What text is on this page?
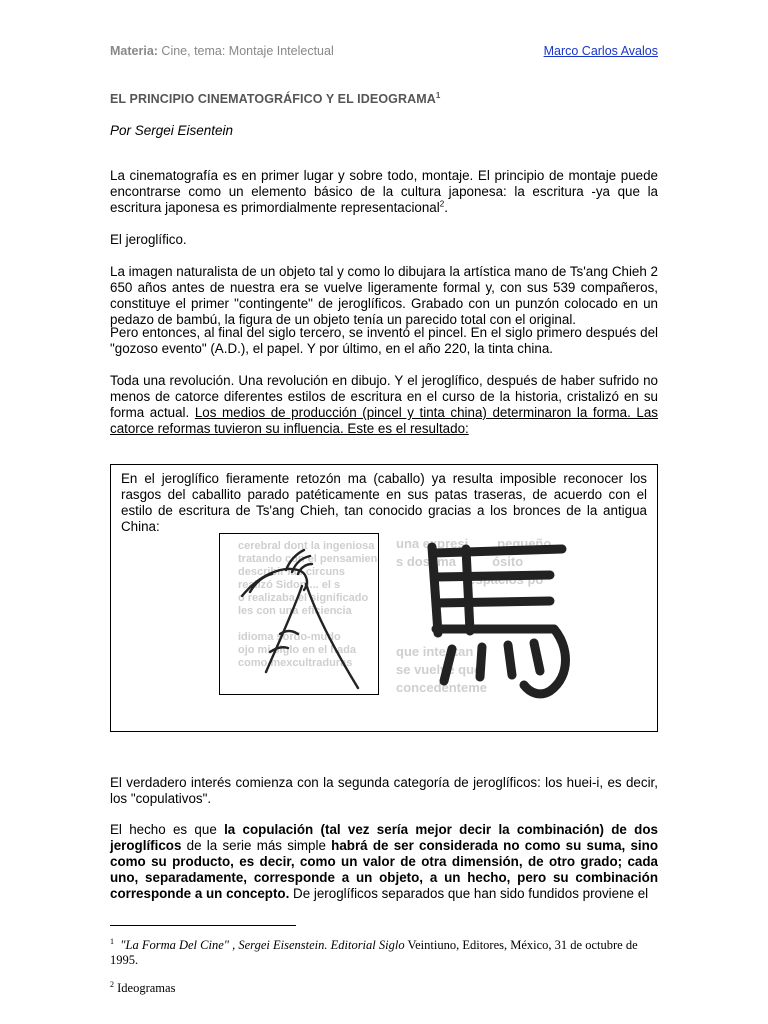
Materia: Cine, tema: Montaje Intelectual	Marco Carlos Avalos
EL PRINCIPIO CINEMATOGRÁFICO Y EL IDEOGRAMA$^1$
Por Sergei Eisentein
La cinematografía es en primer lugar y sobre todo, montaje. El principio de montaje puede encontrarse como un elemento básico de la cultura japonesa: la escritura -ya que la escritura japonesa es primordialmente representacional$^2$.
El jeroglífico.
La imagen naturalista de un objeto tal y como lo dibujara la artística mano de Ts'ang Chieh 2 650 años antes de nuestra era se vuelve ligeramente formal y, con sus 539 compañeros, constituye el primer "contingente" de jeroglíficos. Grabado con un punzón colocado en un pedazo de bambú, la figura de un objeto tenía un parecido total con el original.
Pero entonces, al final del siglo tercero, se inventó el pincel. En el siglo primero después del "gozoso evento" (A.D.), el papel. Y por último, en el año 220, la tinta china.
Toda una revolución. Una revolución en dibujo. Y el jeroglífico, después de haber sufrido no menos de catorce diferentes estilos de escritura en el curso de la historia, cristalizó en su forma actual. Los medios de producción (pincel y tinta china) determinaron la forma. Las catorce reformas tuvieron su influencia. Este es el resultado:
En el jeroglífico fieramente retozón ma (caballo) ya resulta imposible reconocer los rasgos del caballito parado patéticamente en sus patas traseras, de acuerdo con el estilo de escritura de Ts'ang Chieh, tan conocido gracias a los bronces de la antigua China:
cerebral dont la ingeniosa
tratando con el pensamien
describir las circuns
realizó Sidoni... el s
o realizaba el significado
les con una eficiencia

idioma sordo-mudo
ojo mi siglo en el hada
como mexcultraduras
una expresi        pequeño
s dos ima          ósito
espacios po

que intentan
se vuelve que
concedenteme
El verdadero interés comienza con la segunda categoría de jeroglíficos: los huei-i, es decir, los "copulativos".
El hecho es que la copulación (tal vez sería mejor decir la combinación) de dos jeroglíficos de la serie más simple habrá de ser considerada no como su suma, sino como su producto, es decir, como un valor de otra dimensión, de otro grado; cada uno, separadamente, corresponde a un objeto, a un hecho, pero su combinación corresponde a un concepto. De jeroglíficos separados que han sido fundidos proviene el
$^1$ "La Forma Del Cine" , Sergei Eisenstein. Editorial Siglo Veintiuno, Editores, México, 31 de octubre de 1995.
$^2$ Ideogramas
